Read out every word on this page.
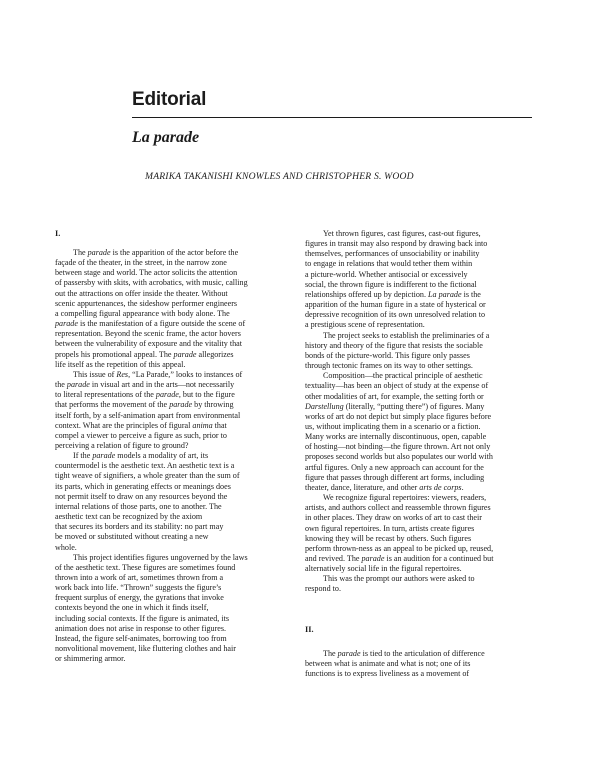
Editorial
La parade
MARIKA TAKANISHI KNOWLES AND CHRISTOPHER S. WOOD
I.

The parade is the apparition of the actor before the
façade of the theater, in the street, in the narrow zone
between stage and world. The actor solicits the attention
of passersby with skits, with acrobatics, with music, calling
out the attractions on offer inside the theater. Without
scenic appurtenances, the sideshow performer engineers
a compelling figural appearance with body alone. The
parade is the manifestation of a figure outside the scene of
representation. Beyond the scenic frame, the actor hovers
between the vulnerability of exposure and the vitality that
propels his promotional appeal. The parade allegorizes
life itself as the repetition of this appeal.

This issue of Res, “La Parade,” looks to instances of
the parade in visual art and in the arts—not necessarily
to literal representations of the parade, but to the figure
that performs the movement of the parade by throwing
itself forth, by a self-animation apart from environmental
context. What are the principles of figural anima that
compel a viewer to perceive a figure as such, prior to
perceiving a relation of figure to ground?

If the parade models a modality of art, its
countermodel is the aesthetic text. An aesthetic text is a
tight weave of signifiers, a whole greater than the sum of
its parts, which in generating effects or meanings does
not permit itself to draw on any resources beyond the
internal relations of those parts, one to another. The
aesthetic text can be recognized by the axiom
that secures its borders and its stability: no part may
be moved or substituted without creating a new
whole.

This project identifies figures ungoverned by the laws
of the aesthetic text. These figures are sometimes found
thrown into a work of art, sometimes thrown from a
work back into life. “Thrown” suggests the figure’s
frequent surplus of energy, the gyrations that invoke
contexts beyond the one in which it finds itself,
including social contexts. If the figure is animated, its
animation does not arise in response to other figures.
Instead, the figure self-animates, borrowing too from
nonvolitional movement, like fluttering clothes and hair
or shimmering armor.

Yet thrown figures, cast figures, cast-out figures,
figures in transit may also respond by drawing back into
themselves, performances of unsociability or inability
to engage in relations that would tether them within
a picture-world. Whether antisocial or excessively
social, the thrown figure is indifferent to the fictional
relationships offered up by depiction. La parade is the
apparition of the human figure in a state of hysterical or
depressive recognition of its own unresolved relation to
a prestigious scene of representation.

The project seeks to establish the preliminaries of a
history and theory of the figure that resists the sociable
bonds of the picture-world. This figure only passes
through tectonic frames on its way to other settings.

Composition—the practical principle of aesthetic
textuality—has been an object of study at the expense of
other modalities of art, for example, the setting forth or
Darstellung (literally, “putting there”) of figures. Many
works of art do not depict but simply place figures before
us, without implicating them in a scenario or a fiction.
Many works are internally discontinuous, open, capable
of hosting—not binding—the figure thrown. Art not only
proposes second worlds but also populates our world with
artful figures. Only a new approach can account for the
figure that passes through different art forms, including
theater, dance, literature, and other arts de corps.

We recognize figural repertoires: viewers, readers,
artists, and authors collect and reassemble thrown figures
in other places. They draw on works of art to cast their
own figural repertoires. In turn, artists create figures
knowing they will be recast by others. Such figures
perform thrown-ness as an appeal to be picked up, reused,
and revived. The parade is an audition for a continued but
alternatively social life in the figural repertoires.

This was the prompt our authors were asked to
respond to.

II.

The parade is tied to the articulation of difference
between what is animate and what is not; one of its
functions is to express liveliness as a movement of
